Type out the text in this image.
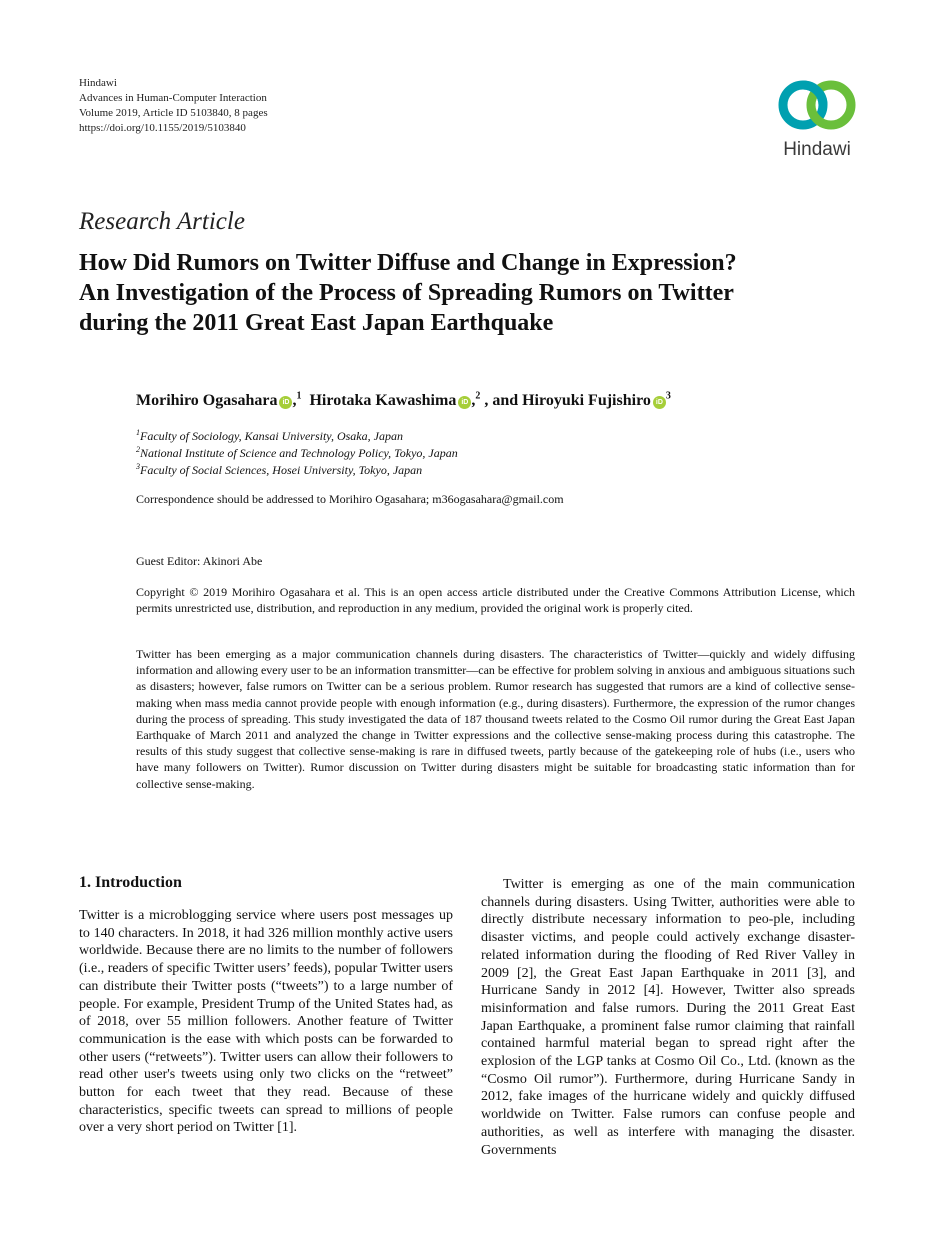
Hindawi
Advances in Human-Computer Interaction
Volume 2019, Article ID 5103840, 8 pages
https://doi.org/10.1155/2019/5103840
Hindawi
Research Article
How Did Rumors on Twitter Diffuse and Change in Expression?
An Investigation of the Process of Spreading Rumors on Twitter
during the 2011 Great East Japan Earthquake
Morihiro Ogasahara iD ,$^1$ Hirotaka Kawashima iD ,$^2$ , and Hiroyuki Fujishiro $iD^3$
$^1$Faculty of Sociology, Kansai University, Osaka, Japan
$^2$National Institute of Science and Technology Policy, Tokyo, Japan
$^3$Faculty of Social Sciences, Hosei University, Tokyo, Japan
Correspondence should be addressed to Morihiro Ogasahara; m36ogasahara@gmail.com
Guest Editor: Akinori Abe

Copyright © 2019 Morihiro Ogasahara et al. This is an open access article distributed under the Creative Commons Attribution License, which permits unrestricted use, distribution, and reproduction in any medium, provided the original work is properly cited.

Twitter has been emerging as a major communication channels during disasters. The characteristics of Twitter—quickly and widely diffusing information and allowing every user to be an information transmitter—can be effective for problem solving in anxious and ambiguous situations such as disasters; however, false rumors on Twitter can be a serious problem. Rumor research has suggested that rumors are a kind of collective sense-making when mass media cannot provide people with enough information (e.g., during disasters). Furthermore, the expression of the rumor changes during the process of spreading. This study investigated the data of 187 thousand tweets related to the Cosmo Oil rumor during the Great East Japan Earthquake of March 2011 and analyzed the change in Twitter expressions and the collective sense-making process during this catastrophe. The results of this study suggest that collective sense-making is rare in diffused tweets, partly because of the gatekeeping role of hubs (i.e., users who have many followers on Twitter). Rumor discussion on Twitter during disasters might be suitable for broadcasting static information than for collective sense-making.

1. Introduction

Twitter is a microblogging service where users post messages up to 140 characters. In 2018, it had 326 million monthly active users worldwide. Because there are no limits to the number of followers (i.e., readers of specific Twitter users’ feeds), popular Twitter users can distribute their Twitter posts (“tweets”) to a large number of people. For example, President Trump of the United States had, as of 2018, over 55 million followers. Another feature of Twitter communication is the ease with which posts can be forwarded to other users (“retweets”). Twitter users can allow their followers to read other user's tweets using only two clicks on the “retweet” button for each tweet that they read. Because of these characteristics, specific tweets can spread to millions of people over a very short period on Twitter [1].

Twitter is emerging as one of the main communication channels during disasters. Using Twitter, authorities were able to directly distribute necessary information to peo-ple, including disaster victims, and people could actively exchange disaster-related information during the flooding of Red River Valley in 2009 [2], the Great East Japan Earthquake in 2011 [3], and Hurricane Sandy in 2012 [4]. However, Twitter also spreads misinformation and false rumors. During the 2011 Great East Japan Earthquake, a prominent false rumor claiming that rainfall contained harmful material began to spread right after the explosion of the LGP tanks at Cosmo Oil Co., Ltd. (known as the “Cosmo Oil rumor”). Furthermore, during Hurricane Sandy in 2012, fake images of the hurricane widely and quickly diffused worldwide on Twitter. False rumors can confuse people and authorities, as well as interfere with managing the disaster. Governments
